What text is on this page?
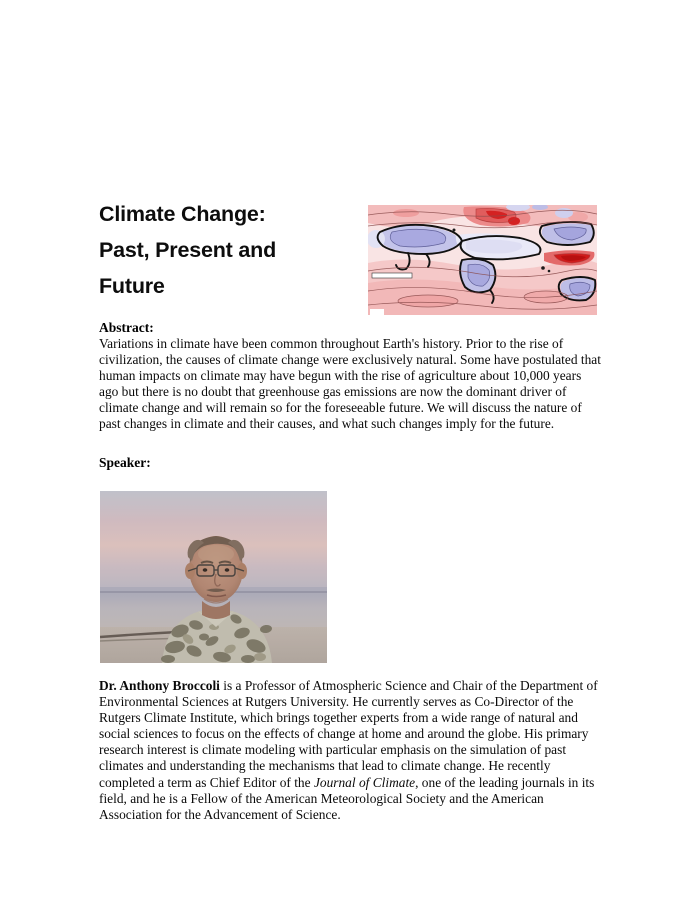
Climate Change:
Past, Present and
Future
Abstract:
Variations in climate have been common throughout Earth's history. Prior to the rise of civilization, the causes of climate change were exclusively natural. Some have postulated that human impacts on climate may have begun with the rise of agriculture about 10,000 years ago but there is no doubt that greenhouse gas emissions are now the dominant driver of climate change and will remain so for the foreseeable future. We will discuss the nature of past changes in climate and their causes, and what such changes imply for the future.
Speaker:
Dr. Anthony Broccoli is a Professor of Atmospheric Science and Chair of the Department of Environmental Sciences at Rutgers University. He currently serves as Co-Director of the Rutgers Climate Institute, which brings together experts from a wide range of natural and social sciences to focus on the effects of change at home and around the globe. His primary research interest is climate modeling with particular emphasis on the simulation of past climates and understanding the mechanisms that lead to climate change. He recently completed a term as Chief Editor of the Journal of Climate, one of the leading journals in its field, and he is a Fellow of the American Meteorological Society and the American Association for the Advancement of Science.
